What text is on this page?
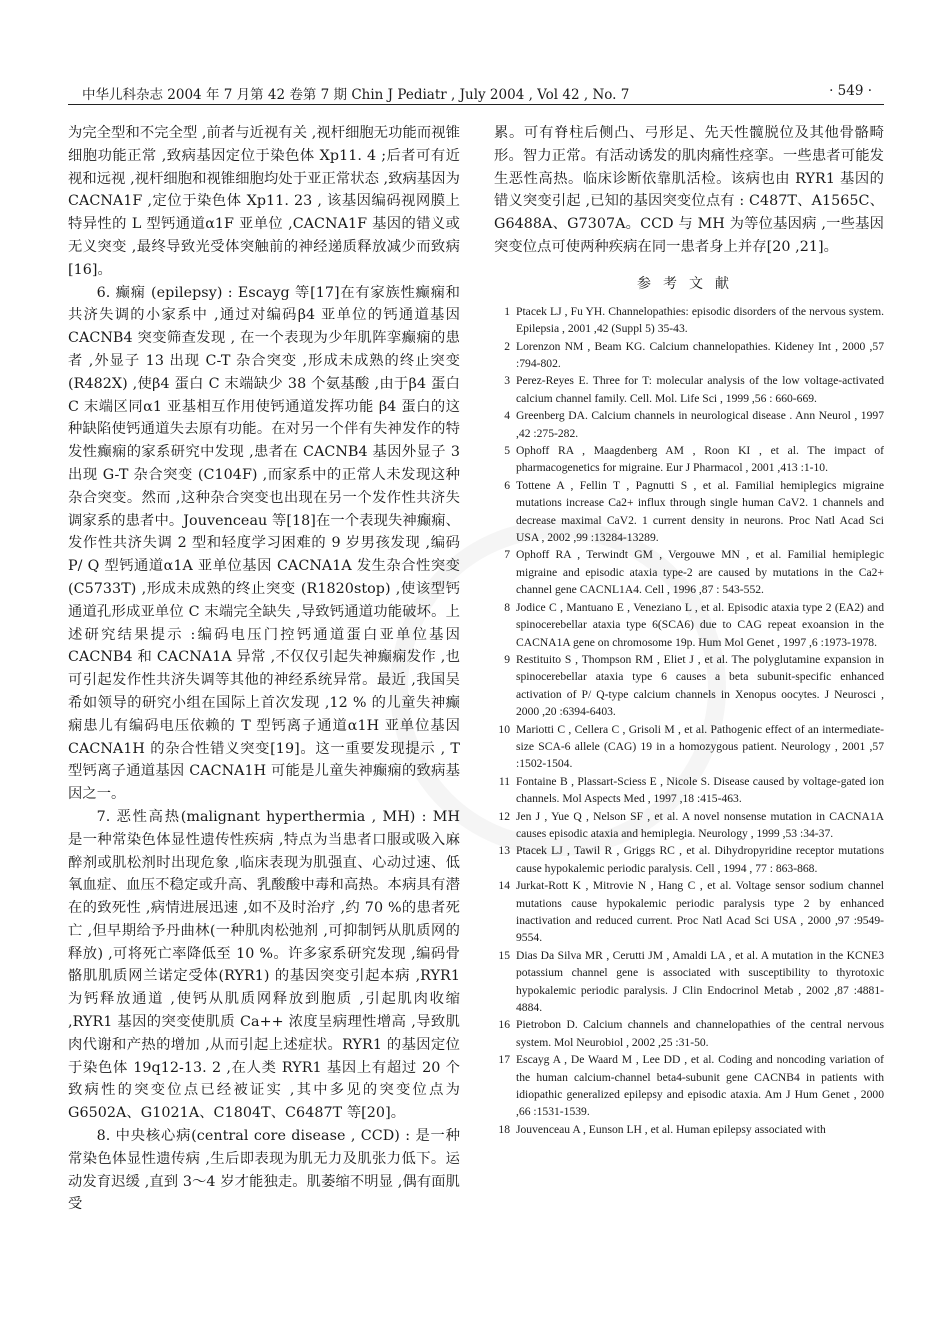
中华儿科杂志 2004 年 7 月第 42 卷第 7 期 Chin J Pediatr , July 2004 , Vol 42 , No. 7	· 549 ·

为完全型和不完全型 ,前者与近视有关 ,视杆细胞无功能而视锥细胞功能正常 ,致病基因定位于染色体 Xp11. 4 ;后者可有近视和远视 ,视杆细胞和视锥细胞均处于亚正常状态 ,致病基因为 CACNA1F ,定位于染色体 Xp11. 23 , 该基因编码视网膜上特异性的 L 型钙通道α1F 亚单位 ,CACNA1F 基因的错义或无义突变 ,最终导致光受体突触前的神经递质释放减少而致病[16]。

6. 癫痫 (epilepsy) : Escayg 等[17]在有家族性癫痫和共济失调的小家系中 ,通过对编码β4 亚单位的钙通道基因 CACNB4 突变筛查发现 , 在一个表现为少年肌阵挛癫痫的患者 ,外显子 13 出现 C-T 杂合突变 ,形成未成熟的终止突变 (R482X) ,使β4 蛋白 C 末端缺少 38 个氨基酸 ,由于β4 蛋白 C 末端区同α1 亚基相互作用使钙通道发挥功能 β4 蛋白的这种缺陷使钙通道失去原有功能。在对另一个伴有失神发作的特发性癫痫的家系研究中发现 ,患者在 CACNB4 基因外显子 3 出现 G-T 杂合突变 (C104F) ,而家系中的正常人未发现这种杂合突变。然而 ,这种杂合突变也出现在另一个发作性共济失调家系的患者中。Jouvenceau 等[18]在一个表现失神癫痫、发作性共济失调 2 型和轻度学习困难的 9 岁男孩发现 ,编码 P/ Q 型钙通道α1A 亚单位基因 CACNA1A 发生杂合性突变 (C5733T) ,形成未成熟的终止突变 (R1820stop) ,使该型钙通道孔形成亚单位 C 末端完全缺失 ,导致钙通道功能破坏。上述研究结果提示 :编码电压门控钙通道蛋白亚单位基因 CACNB4 和 CACNA1A 异常 ,不仅仅引起失神癫痫发作 ,也可引起发作性共济失调等其他的神经系统异常。最近 ,我国吴希如领导的研究小组在国际上首次发现 ,12 % 的儿童失神癫痫患儿有编码电压依赖的 T 型钙离子通道α1H 亚单位基因 CACNA1H 的杂合性错义突变[19]。这一重要发现提示 , T 型钙离子通道基因 CACNA1H 可能是儿童失神癫痫的致病基因之一。

7. 恶性高热(malignant hyperthermia , MH) : MH 是一种常染色体显性遗传性疾病 ,特点为当患者口服或吸入麻醉剂或肌松剂时出现危象 ,临床表现为肌强直、心动过速、低氧血症、血压不稳定或升高、乳酸酸中毒和高热。本病具有潜在的致死性 ,病情进展迅速 ,如不及时治疗 ,约 70 %的患者死亡 ,但早期给予丹曲林(一种肌肉松弛剂 ,可抑制钙从肌质网的释放) ,可将死亡率降低至 10 %。许多家系研究发现 ,编码骨骼肌肌质网兰诺定受体(RYR1) 的基因突变引起本病 ,RYR1 为钙释放通道 ,使钙从肌质网释放到胞质 ,引起肌肉收缩 ,RYR1 基因的突变使肌质 Ca++ 浓度呈病理性增高 ,导致肌肉代谢和产热的增加 ,从而引起上述症状。RYR1 的基因定位于染色体 19q12-13. 2 ,在人类 RYR1 基因上有超过 20 个致病性的突变位点已经被证实 ,其中多见的突变位点为 G6502A、G1021A、C1804T、C6487T 等[20]。

8. 中央核心病(central core disease , CCD) : 是一种常染色体显性遗传病 ,生后即表现为肌无力及肌张力低下。运动发育迟缓 ,直到 3～4 岁才能独走。肌萎缩不明显 ,偶有面肌受

累。可有脊柱后侧凸、弓形足、先天性髋脱位及其他骨骼畸形。智力正常。有活动诱发的肌肉痛性痉挛。一些患者可能发生恶性高热。临床诊断依靠肌活检。该病也由 RYR1 基因的错义突变引起 ,已知的基因突变位点有 : C487T、A1565C、G6488A、G7307A。CCD 与 MH 为等位基因病 ,一些基因突变位点可使两种疾病在同一患者身上并存[20 ,21]。

参考文献

1 Ptacek LJ , Fu YH. Channelopathies: episodic disorders of the nervous system. Epilepsia , 2001 ,42 (Suppl 5) 35-43.

2 Lorenzon NM , Beam KG. Calcium channelopathies. Kideney Int , 2000 ,57 :794-802.

3 Perez-Reyes E. Three for T: molecular analysis of the low voltage-activated calcium channel family. Cell. Mol. Life Sci , 1999 ,56 : 660-669.

4 Greenberg DA. Calcium channels in neurological disease . Ann Neurol , 1997 ,42 :275-282.

5 Ophoff RA , Maagdenberg AM , Roon KI , et al. The impact of pharmacogenetics for migraine. Eur J Pharmacol , 2001 ,413 :1-10.

6 Tottene A , Fellin T , Pagnutti S , et al. Familial hemiplegics migraine mutations increase Ca2+ influx through single human CaV2. 1 channels and decrease maximal CaV2. 1 current density in neurons. Proc Natl Acad Sci USA , 2002 ,99 :13284-13289.

7 Ophoff RA , Terwindt GM , Vergouwe MN , et al. Familial hemiplegic migraine and episodic ataxia type-2 are caused by mutations in the Ca2+ channel gene CACNL1A4. Cell , 1996 ,87 : 543-552.

8 Jodice C , Mantuano E , Veneziano L , et al. Episodic ataxia type 2 (EA2) and spinocerebellar ataxia type 6(SCA6) due to CAG repeat exoansion in the CACNA1A gene on chromosome 19p. Hum Mol Genet , 1997 ,6 :1973-1978.

9 Restituito S , Thompson RM , Eliet J , et al. The polyglutamine expansion in spinocerebellar ataxia type 6 causes a beta subunit-specific enhanced activation of P/ Q-type calcium channels in Xenopus oocytes. J Neurosci , 2000 ,20 :6394-6403.

10 Mariotti C , Cellera C , Grisoli M , et al. Pathogenic effect of an intermediate-size SCA-6 allele (CAG) 19 in a homozygous patient. Neurology , 2001 ,57 :1502-1504.

11 Fontaine B , Plassart-Sciess E , Nicole S. Disease caused by voltage-gated ion channels. Mol Aspects Med , 1997 ,18 :415-463.

12 Jen J , Yue Q , Nelson SF , et al. A novel nonsense mutation in CACNA1A causes episodic ataxia and hemiplegia. Neurology , 1999 ,53 :34-37.

13 Ptacek LJ , Tawil R , Griggs RC , et al. Dihydropyridine receptor mutations cause hypokalemic periodic paralysis. Cell , 1994 , 77 : 863-868.

14 Jurkat-Rott K , Mitrovie N , Hang C , et al. Voltage sensor sodium channel mutations cause hypokalemic periodic paralysis type 2 by enhanced inactivation and reduced current. Proc Natl Acad Sci USA , 2000 ,97 :9549-9554.

15 Dias Da Silva MR , Cerutti JM , Amaldi LA , et al. A mutation in the KCNE3 potassium channel gene is associated with susceptibility to thyrotoxic hypokalemic periodic paralysis. J Clin Endocrinol Metab , 2002 ,87 :4881-4884.

16 Pietrobon D. Calcium channels and channelopathies of the central nervous system. Mol Neurobiol , 2002 ,25 :31-50.

17 Escayg A , De Waard M , Lee DD , et al. Coding and noncoding variation of the human calcium-channel beta4-subunit gene CACNB4 in patients with idiopathic generalized epilepsy and episodic ataxia. Am J Hum Genet , 2000 ,66 :1531-1539.

18 Jouvenceau A , Eunson LH , et al. Human epilepsy associated with
